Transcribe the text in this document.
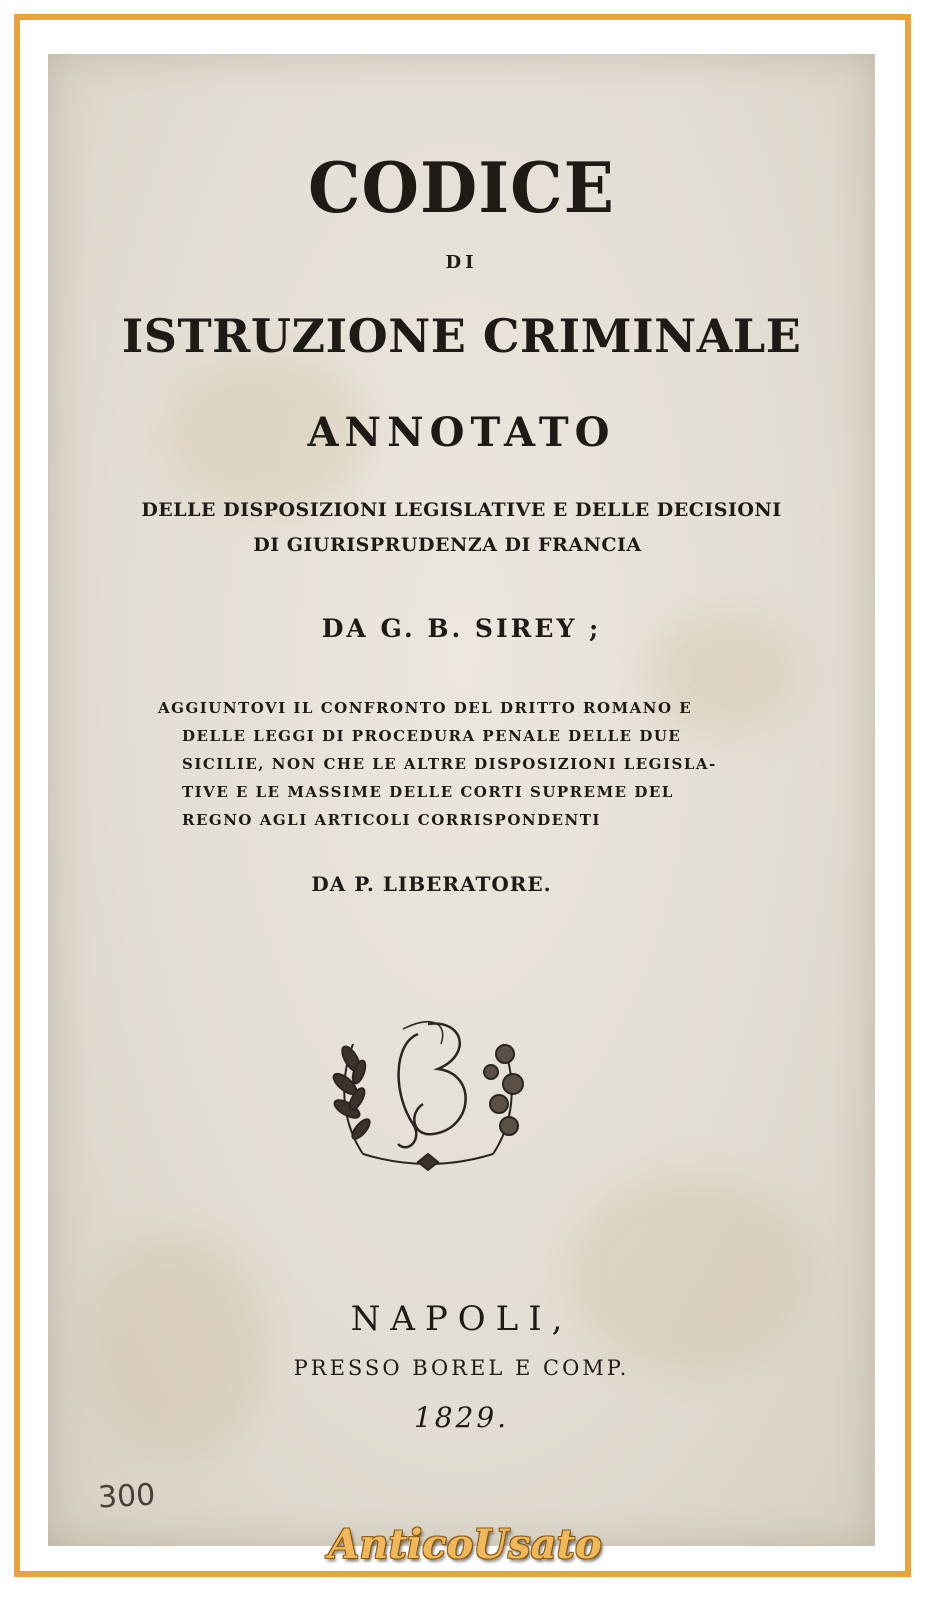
CODICE
DI
ISTRUZIONE CRIMINALE
ANNOTATO
DELLE DISPOSIZIONI LEGISLATIVE E DELLE DECISIONI
DI GIURISPRUDENZA DI FRANCIA
DA G. B. SIREY ;
AGGIUNTOVI IL CONFRONTO DEL DRITTO ROMANO E
DELLE LEGGI DI PROCEDURA PENALE DELLE DUE
SICILIE, NON CHE LE ALTRE DISPOSIZIONI LEGISLA-
TIVE E LE MASSIME DELLE CORTI SUPREME DEL
REGNO AGLI ARTICOLI CORRISPONDENTI
DA P. LIBERATORE.
NAPOLI,
PRESSO BOREL E COMP.
1829.
300
AnticoUsato
